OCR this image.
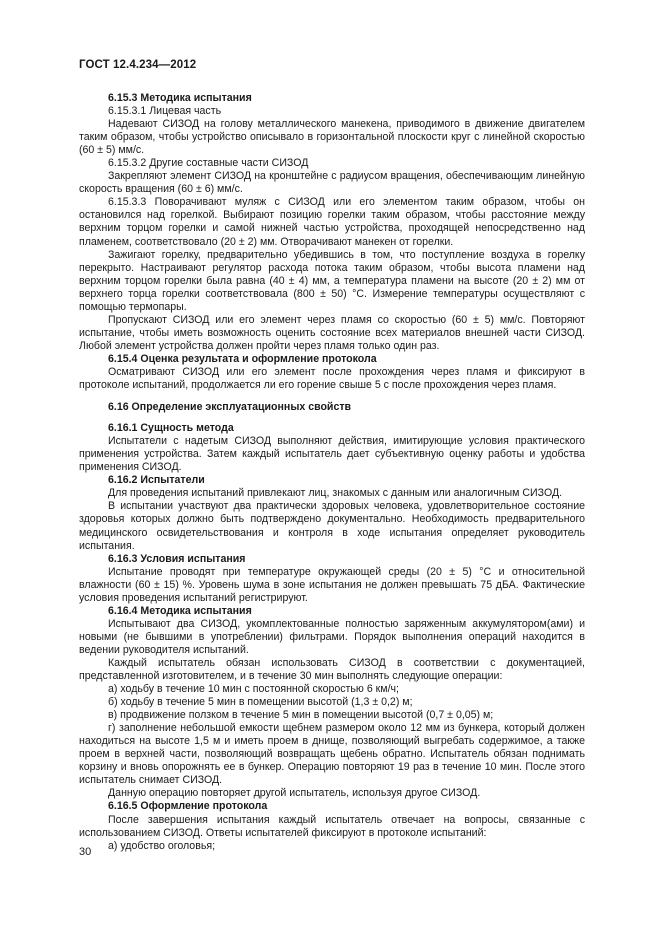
ГОСТ 12.4.234—2012
6.15.3 Методика испытания
6.15.3.1 Лицевая часть
Надевают СИЗОД на голову металлического манекена, приводимого в движение двигателем таким образом, чтобы устройство описывало в горизонтальной плоскости круг с линейной скоростью (60 ± 5) мм/с.
6.15.3.2 Другие составные части СИЗОД
Закрепляют элемент СИЗОД на кронштейне с радиусом вращения, обеспечивающим линейную скорость вращения (60 ± 6) мм/с.
6.15.3.3 Поворачивают муляж с СИЗОД или его элементом таким образом, чтобы он остановился над горелкой. Выбирают позицию горелки таким образом, чтобы расстояние между верхним торцом горелки и самой нижней частью устройства, проходящей непосредственно над пламенем, соответствовало (20 ± 2) мм. Отворачивают манекен от горелки.
Зажигают горелку, предварительно убедившись в том, что поступление воздуха в горелку перекрыто. Настраивают регулятор расхода потока таким образом, чтобы высота пламени над верхним торцом горелки была равна (40 ± 4) мм, а температура пламени на высоте (20 ± 2) мм от верхнего торца горелки соответствовала (800 ± 50) °C. Измерение температуры осуществляют с помощью термопары.
Пропускают СИЗОД или его элемент через пламя со скоростью (60 ± 5) мм/с. Повторяют испытание, чтобы иметь возможность оценить состояние всех материалов внешней части СИЗОД. Любой элемент устройства должен пройти через пламя только один раз.
6.15.4 Оценка результата и оформление протокола
Осматривают СИЗОД или его элемент после прохождения через пламя и фиксируют в протоколе испытаний, продолжается ли его горение свыше 5 с после прохождения через пламя.
6.16 Определение эксплуатационных свойств
6.16.1 Сущность метода
Испытатели с надетым СИЗОД выполняют действия, имитирующие условия практического применения устройства. Затем каждый испытатель дает субъективную оценку работы и удобства применения СИЗОД.
6.16.2 Испытатели
Для проведения испытаний привлекают лиц, знакомых с данным или аналогичным СИЗОД.
В испытании участвуют два практически здоровых человека, удовлетворительное состояние здоровья которых должно быть подтверждено документально. Необходимость предварительного медицинского освидетельствования и контроля в ходе испытания определяет руководитель испытания.
6.16.3 Условия испытания
Испытание проводят при температуре окружающей среды (20 ± 5) °C и относительной влажности (60 ± 15) %. Уровень шума в зоне испытания не должен превышать 75 дБА. Фактические условия проведения испытаний регистрируют.
6.16.4 Методика испытания
Испытывают два СИЗОД, укомплектованные полностью заряженным аккумулятором(ами) и новыми (не бывшими в употреблении) фильтрами. Порядок выполнения операций находится в ведении руководителя испытаний.
Каждый испытатель обязан использовать СИЗОД в соответствии с документацией, представленной изготовителем, и в течение 30 мин выполнять следующие операции:
а) ходьбу в течение 10 мин с постоянной скоростью 6 км/ч;
б) ходьбу в течение 5 мин в помещении высотой (1,3 ± 0,2) м;
в) продвижение ползком в течение 5 мин в помещении высотой (0,7 ± 0,05) м;
г) заполнение небольшой емкости щебнем размером около 12 мм из бункера, который должен находиться на высоте 1,5 м и иметь проем в днище, позволяющий выгребать содержимое, а также проем в верхней части, позволяющий возвращать щебень обратно. Испытатель обязан поднимать корзину и вновь опорожнять ее в бункер. Операцию повторяют 19 раз в течение 10 мин. После этого испытатель снимает СИЗОД.
Данную операцию повторяет другой испытатель, используя другое СИЗОД.
6.16.5 Оформление протокола
После завершения испытания каждый испытатель отвечает на вопросы, связанные с использованием СИЗОД. Ответы испытателей фиксируют в протоколе испытаний:
а) удобство оголовья;
30
